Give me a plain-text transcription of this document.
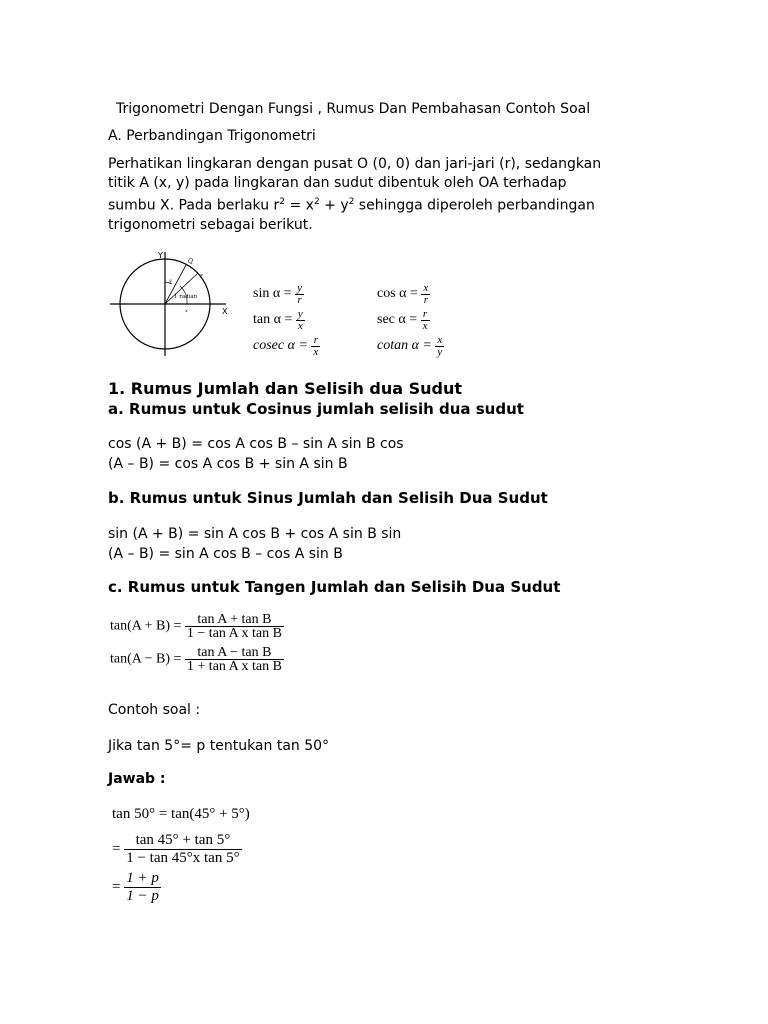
Trigonometri Dengan Fungsi , Rumus Dan Pembahasan Contoh Soal
A. Perbandingan Trigonometri
Perhatikan lingkaran dengan pusat O (0, 0) dan jari-jari (r), sedangkan
titik A (x, y) pada lingkaran dan sudut dibentuk oleh OA terhadap
sumbu X. Pada berlaku $r^2 = x^2 + y^2$ sehingga diperoleh perbandingan
trigonometri sebagai berikut.
Y
X
Q
r
1 radian
y
x
sin α =
$\frac{y}{r}$
tan α =
$\frac{y}{x}$
cosec α =
$\frac{r}{x}$
cos α =
$\frac{x}{r}$
sec α =
$\frac{r}{x}$
cotan α =
$\frac{x}{y}$
1. Rumus Jumlah dan Selisih dua Sudut
a. Rumus untuk Cosinus jumlah selisih dua sudut
cos (A + B) = cos A cos B – sin A sin B cos
(A – B) = cos A cos B + sin A sin B
b. Rumus untuk Sinus Jumlah dan Selisih Dua Sudut
sin (A + B) = sin A cos B + cos A sin B sin
(A – B) = sin A cos B – cos A sin B
c. Rumus untuk Tangen Jumlah dan Selisih Dua Sudut
$\tan(A + B) = \frac{\text{tan A + tan B}}{\text{1 − tan A x tan B}}$
$\tan(A - B) = \frac{\text{tan A − tan B}}{\text{1 + tan A x tan B}}$
Contoh soal :
Jika tan 5°= p tentukan tan 50°
Jawab :
tan 50° = tan(45° + 5°)
= $\frac{\tan 45^\circ + \tan 5^\circ}{\text{1 − tan 45°x tan 5°}}$
= $\frac{1 + p}{1 - p}$
